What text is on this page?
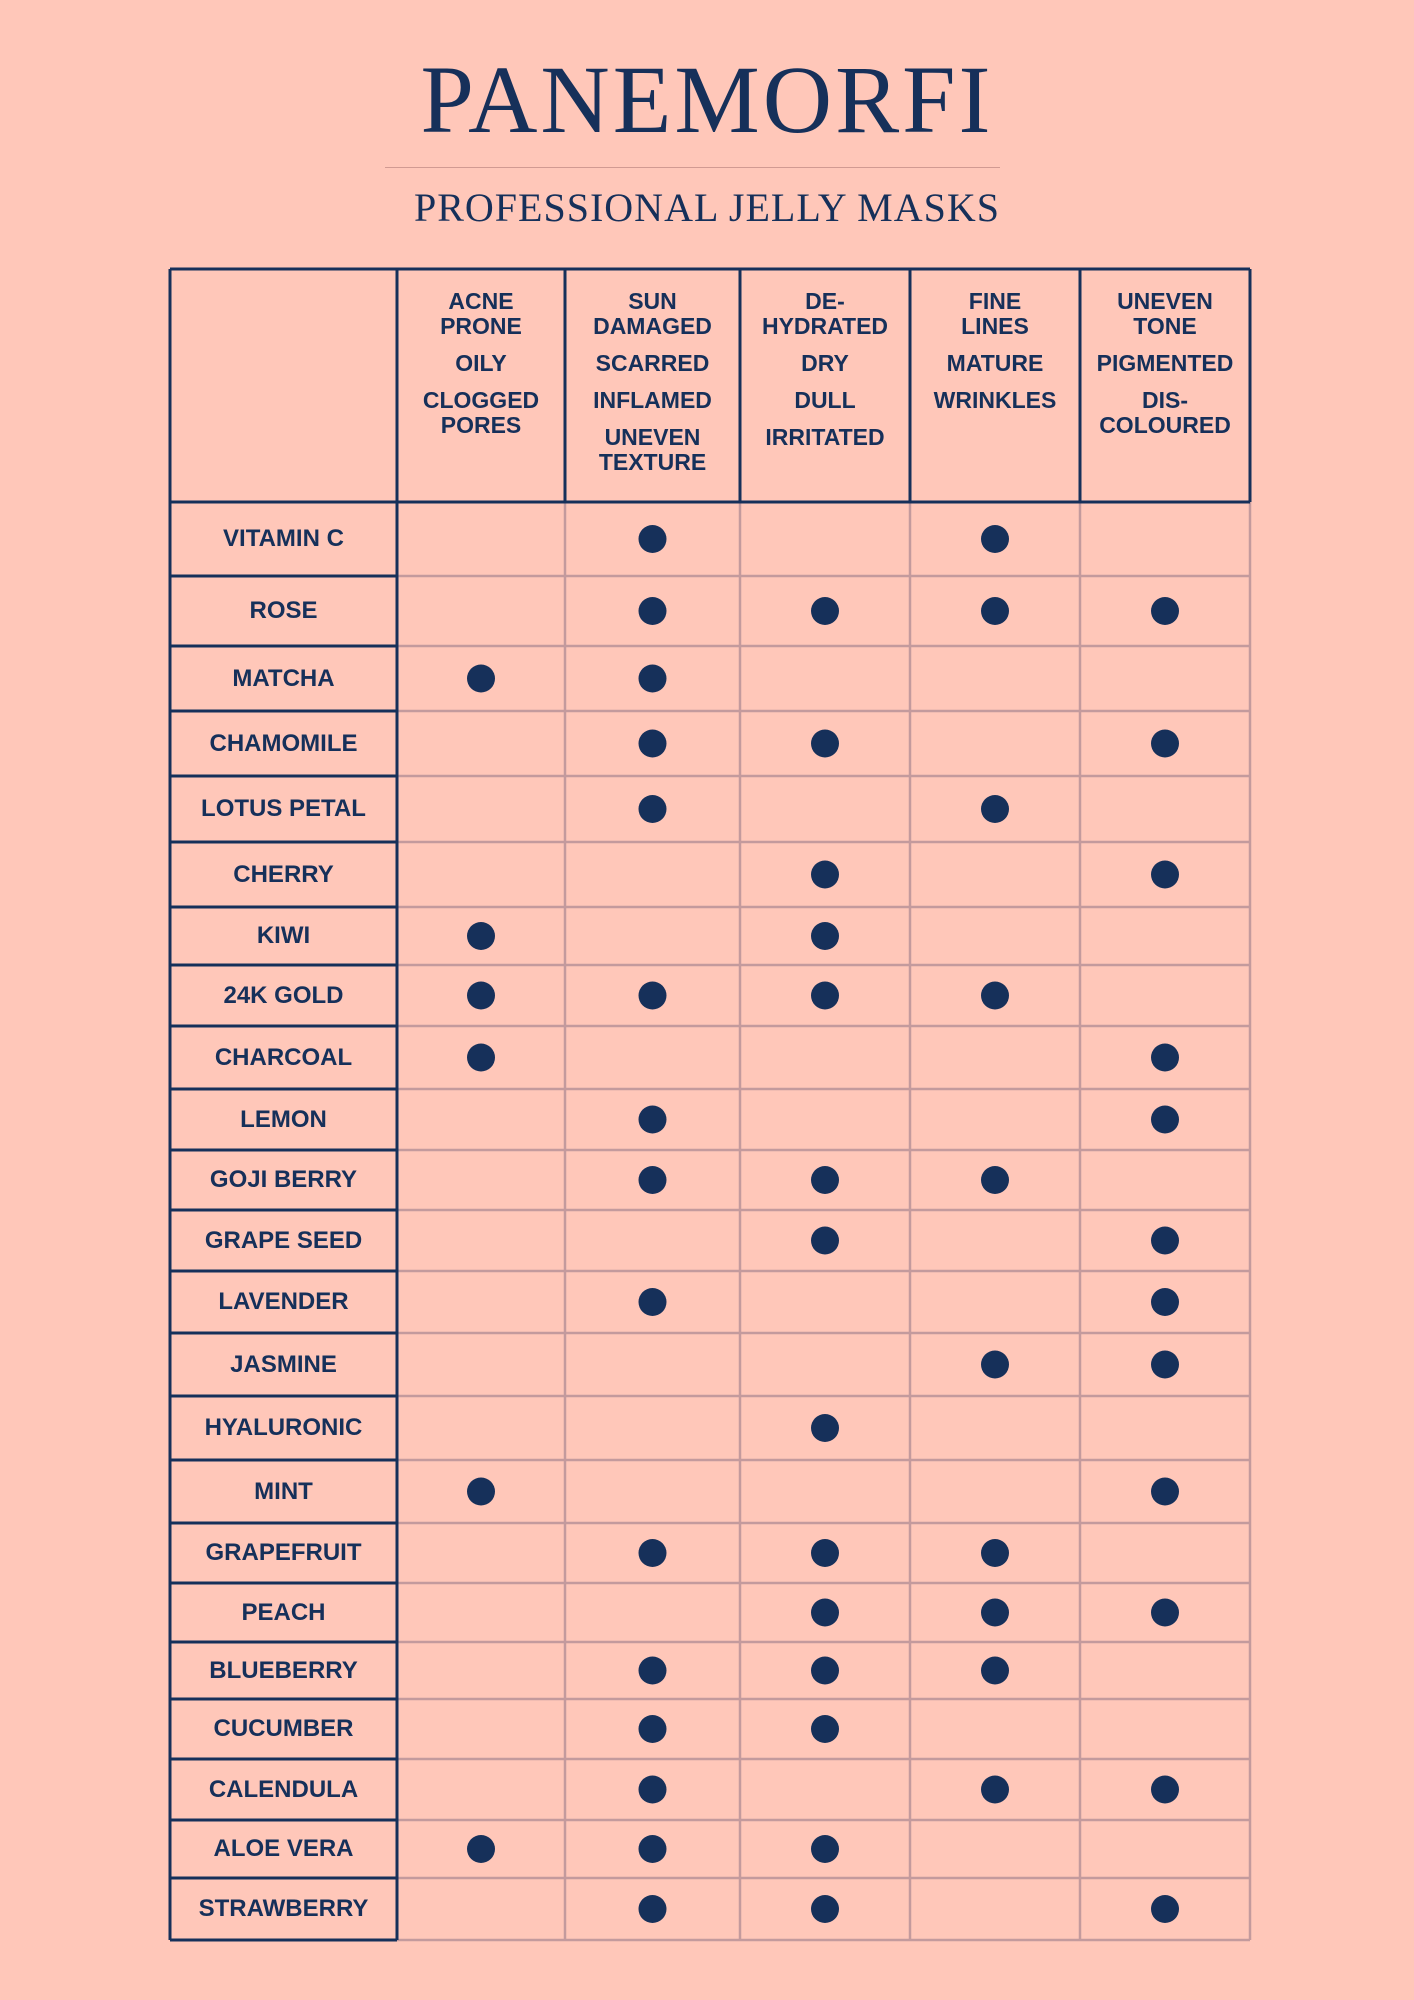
PANEMORFI
PROFESSIONAL JELLY MASKS
ACNE
PRONE
OILY
CLOGGED
PORES
SUN
DAMAGED
SCARRED
INFLAMED
UNEVEN
TEXTURE
DE-
HYDRATED
DRY
DULL
IRRITATED
FINE
LINES
MATURE
WRINKLES
UNEVEN
TONE
PIGMENTED
DIS-
COLOURED
VITAMIN C
ROSE
MATCHA
CHAMOMILE
LOTUS PETAL
CHERRY
KIWI
24K GOLD
CHARCOAL
LEMON
GOJI BERRY
GRAPE SEED
LAVENDER
JASMINE
HYALURONIC
MINT
GRAPEFRUIT
PEACH
BLUEBERRY
CUCUMBER
CALENDULA
ALOE VERA
STRAWBERRY
